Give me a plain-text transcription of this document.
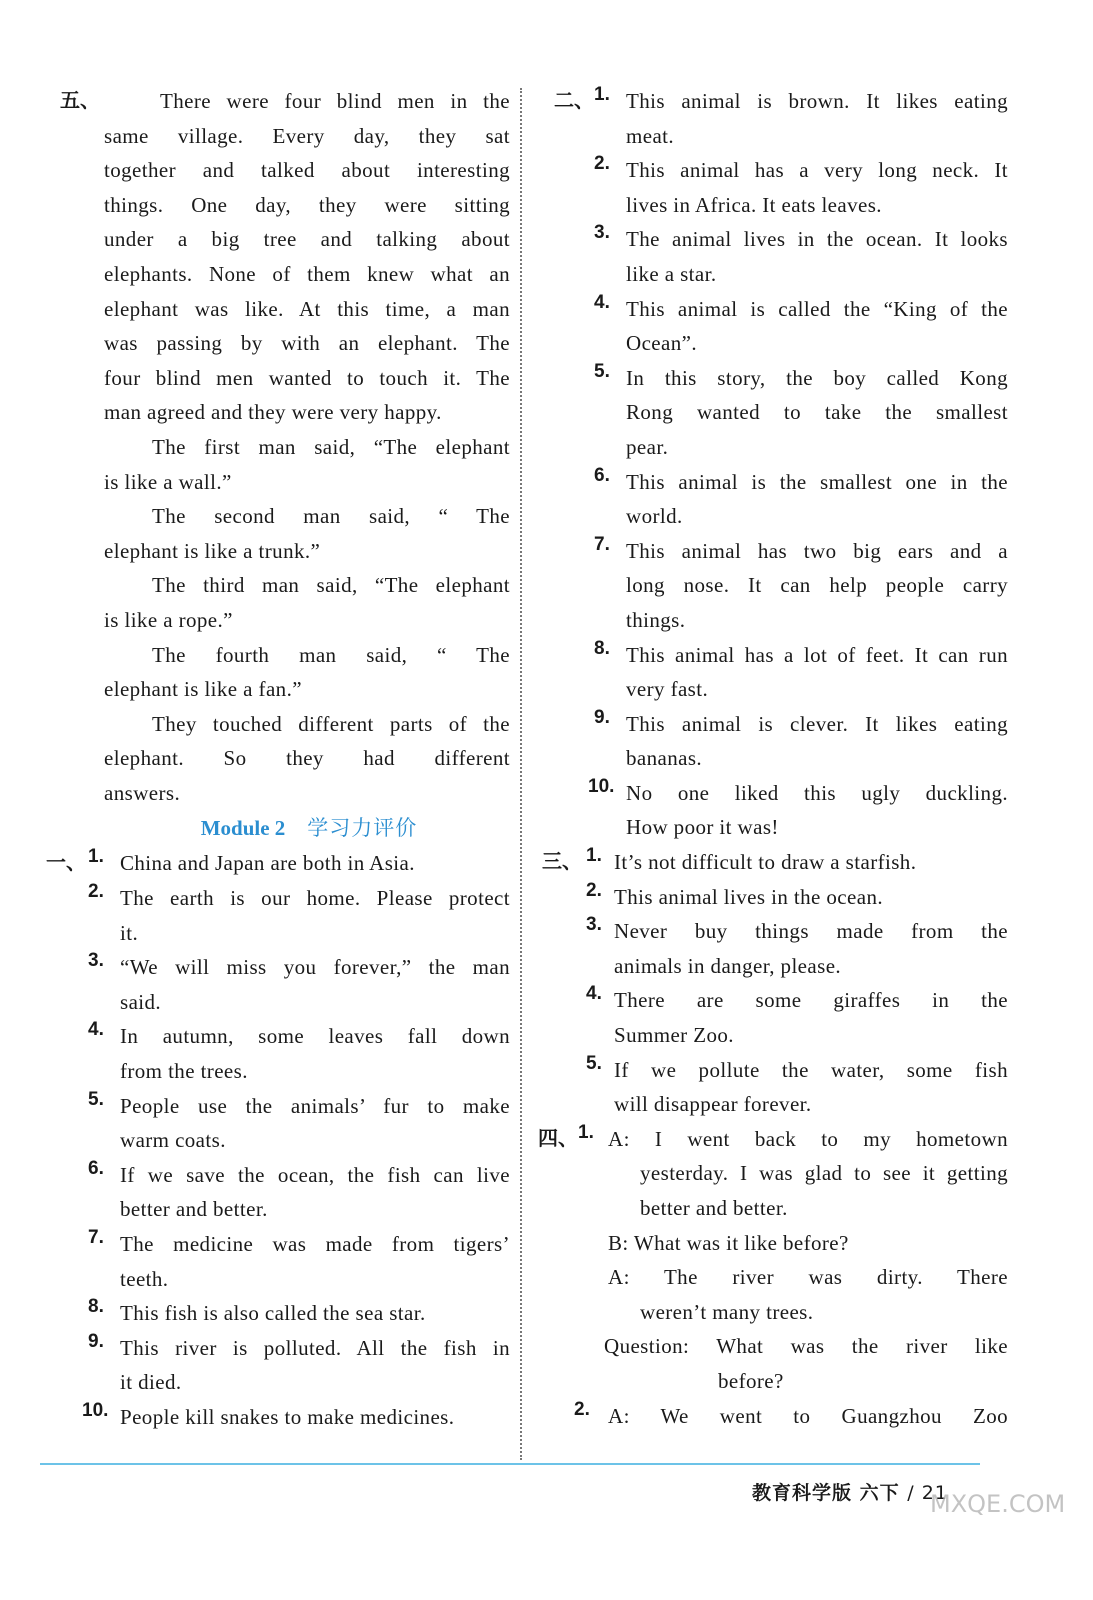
五、	There were four blind men in the
same village. Every day, they sat
together and talked about interesting
things. One day, they were sitting
under a big tree and talking about
elephants. None of them knew what an
elephant was like. At this time, a man
was passing by with an elephant. The
four blind men wanted to touch it. The
man agreed and they were very happy.
The first man said, “The elephant
is like a wall.”
The second man said, “ The
elephant is like a trunk.”
The third man said, “The elephant
is like a rope.”
The fourth man said, “ The
elephant is like a fan.”
They touched different parts of the
elephant. So they had different
answers.
Module 2 学习力评价
一、 1. China and Japan are both in Asia.
2. The earth is our home. Please protect
it.
3. “We will miss you forever,” the man
said.
4. In autumn, some leaves fall down
from the trees.
5. People use the animals’ fur to make
warm coats.
6. If we save the ocean, the fish can live
better and better.
7. The medicine was made from tigers’
teeth.
8. This fish is also called the sea star.
9. This river is polluted. All the fish in
it died.
10. People kill snakes to make medicines.
二、 1. This animal is brown. It likes eating
meat.
2. This animal has a very long neck. It
lives in Africa. It eats leaves.
3. The animal lives in the ocean. It looks
like a star.
4. This animal is called the “King of the
Ocean”.
5. In this story, the boy called Kong
Rong wanted to take the smallest
pear.
6. This animal is the smallest one in the
world.
7. This animal has two big ears and a
long nose. It can help people carry
things.
8. This animal has a lot of feet. It can run
very fast.
9. This animal is clever. It likes eating
bananas.
10. No one liked this ugly duckling.
How poor it was!
三、 1. It’s not difficult to draw a starfish.
2. This animal lives in the ocean.
3. Never buy things made from the
animals in danger, please.
4. There are some giraffes in the
Summer Zoo.
5. If we pollute the water, some fish
will disappear forever.
四、 1. A: I went back to my hometown
yesterday. I was glad to see it getting
better and better.
B: What was it like before?
A: The river was dirty. There
weren’t many trees.
Question: What was the river like
before?
2. A: We went to Guangzhou Zoo
教育科学版 六下 / 21
MXQE.COM
